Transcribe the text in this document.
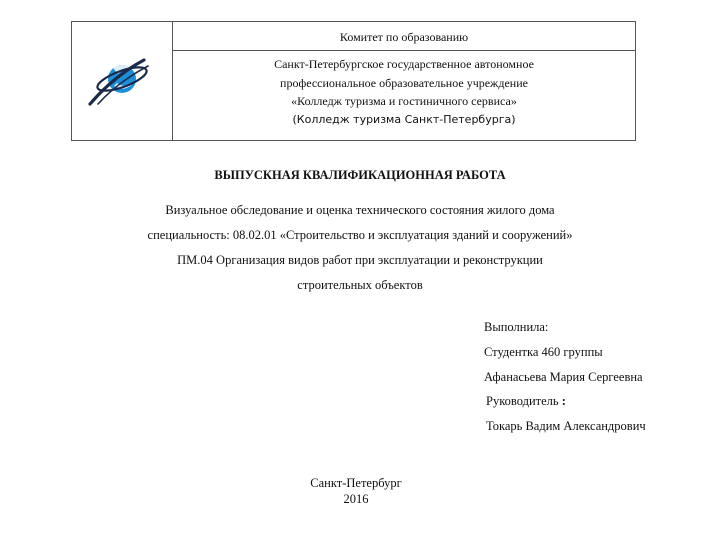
Комитет по образованию
Санкт-Петербургское государственное автономное
профессиональное образовательное учреждение
«Колледж туризма и гостиничного сервиса»
(Колледж туризма Санкт-Петербурга)
ВЫПУСКНАЯ КВАЛИФИКАЦИОННАЯ РАБОТА
Визуальное обследование и оценка технического состояния жилого дома
специальность: 08.02.01 «Строительство и эксплуатация зданий и сооружений»
ПМ.04 Организация видов работ при эксплуатации и реконструкции
строительных объектов
Выполнила:
Студентка 460 группы
Афанасьева Мария Сергеевна
Руководитель :
Токарь Вадим Александрович
Санкт-Петербург
2016
